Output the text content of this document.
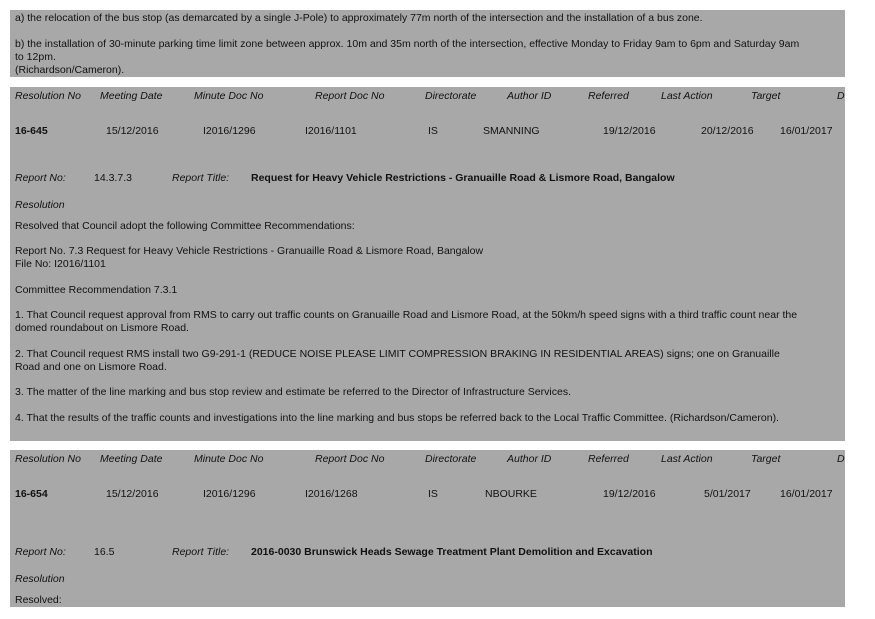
a) the relocation of the bus stop (as demarcated by a single J-Pole) to approximately 77m north of the intersection and the installation of a bus zone.
b) the installation of 30-minute parking time limit zone between approx. 10m and 35m north of the intersection, effective Monday to Friday 9am to 6pm and Saturday 9am
to 12pm.
(Richardson/Cameron).
Resolution No Meeting Date	Minute Doc No	Report Doc No	Directorate	Author ID	Referred	Last Action	Target	D
16-645	15/12/2016	I2016/1296	I2016/1101	IS	SMANNING	19/12/2016	20/12/2016	16/01/2017
Report No:	14.3.7.3	Report Title: Request for Heavy Vehicle Restrictions - Granuaille Road & Lismore Road, Bangalow
Resolution
Resolved that Council adopt the following Committee Recommendations:
Report No. 7.3 Request for Heavy Vehicle Restrictions - Granuaille Road & Lismore Road, Bangalow
File No: I2016/1101
Committee Recommendation 7.3.1
1. That Council request approval from RMS to carry out traffic counts on Granuaille Road and Lismore Road, at the 50km/h speed signs with a third traffic count near the
domed roundabout on Lismore Road.
2. That Council request RMS install two G9-291-1 (REDUCE NOISE PLEASE LIMIT COMPRESSION BRAKING IN RESIDENTIAL AREAS) signs; one on Granuaille
Road and one on Lismore Road.
3. The matter of the line marking and bus stop review and estimate be referred to the Director of Infrastructure Services.
4. That the results of the traffic counts and investigations into the line marking and bus stops be referred back to the Local Traffic Committee. (Richardson/Cameron).
Resolution No Meeting Date	Minute Doc No	Report Doc No	Directorate	Author ID	Referred	Last Action	Target	D
16-654	15/12/2016	I2016/1296	I2016/1268	IS	NBOURKE	19/12/2016	5/01/2017	16/01/2017
Report No:	16.5	Report Title: 2016-0030 Brunswick Heads Sewage Treatment Plant Demolition and Excavation
Resolution
Resolved:
